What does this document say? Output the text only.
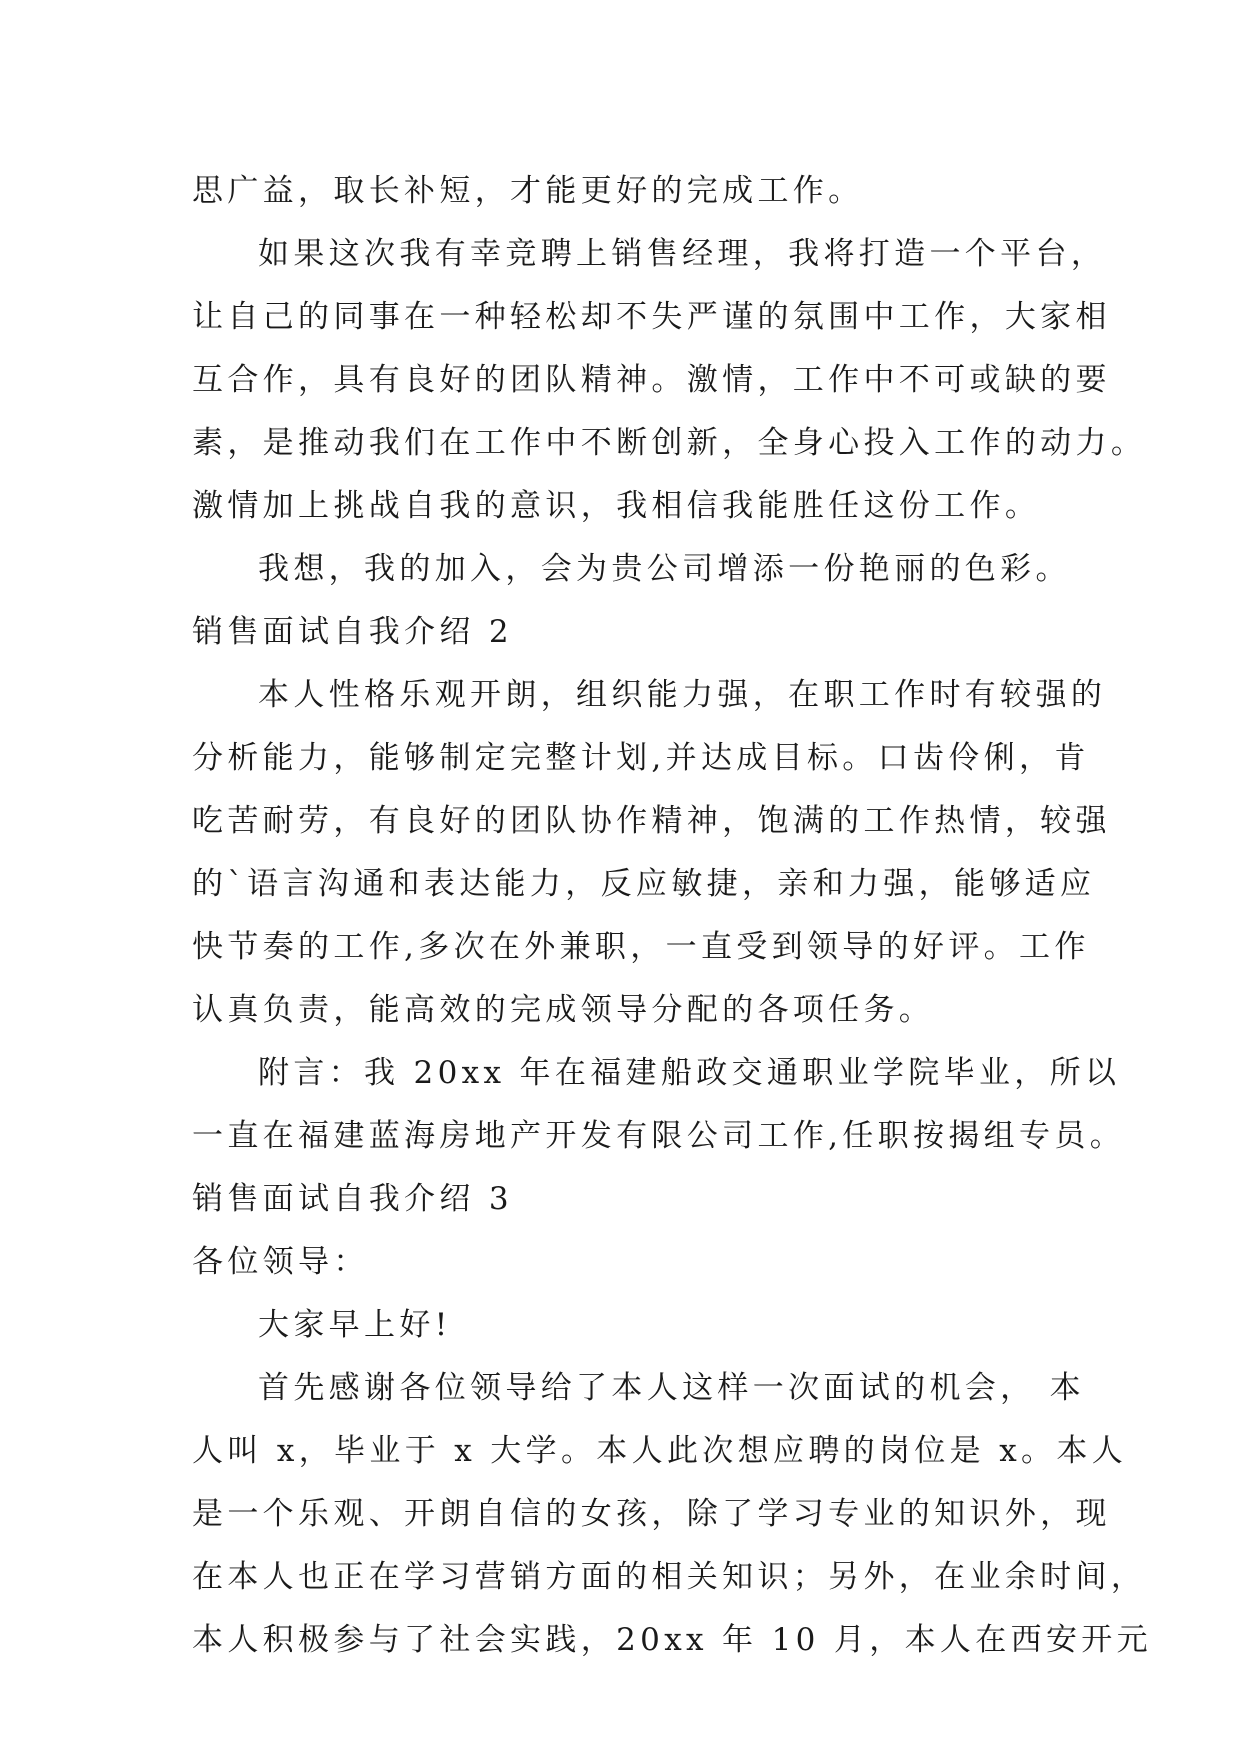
思广益，取长补短，才能更好的完成工作。
如果这次我有幸竞聘上销售经理，我将打造一个平台，
让自己的同事在一种轻松却不失严谨的氛围中工作，大家相
互合作，具有良好的团队精神。激情，工作中不可或缺的要
素，是推动我们在工作中不断创新，全身心投入工作的动力。
激情加上挑战自我的意识，我相信我能胜任这份工作。
我想，我的加入，会为贵公司增添一份艳丽的色彩。
销售面试自我介绍 2
本人性格乐观开朗，组织能力强，在职工作时有较强的
分析能力，能够制定完整计划,并达成目标。口齿伶俐，肯
吃苦耐劳，有良好的团队协作精神，饱满的工作热情，较强
的`语言沟通和表达能力，反应敏捷，亲和力强，能够适应
快节奏的工作,多次在外兼职，一直受到领导的好评。工作
认真负责，能高效的完成领导分配的各项任务。
附言：我 20xx 年在福建船政交通职业学院毕业，所以
一直在福建蓝海房地产开发有限公司工作,任职按揭组专员。
销售面试自我介绍 3
各位领导：
大家早上好!
首先感谢各位领导给了本人这样一次面试的机会， 本
人叫 x，毕业于 x 大学。本人此次想应聘的岗位是 x。本人
是一个乐观、开朗自信的女孩，除了学习专业的知识外，现
在本人也正在学习营销方面的相关知识；另外，在业余时间，
本人积极参与了社会实践，20xx 年 10 月，本人在西安开元
